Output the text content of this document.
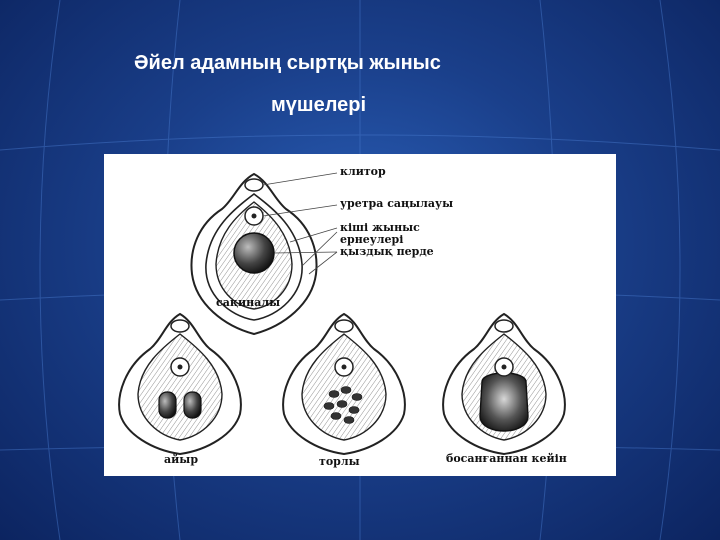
Әйел адамның сыртқы жыныс
мүшелері
клитор
уретра саңылауы
кіші жыныс
ернеулері
қыздық перде
сақиналы
айыр	торлы	босанғаннан кейін
